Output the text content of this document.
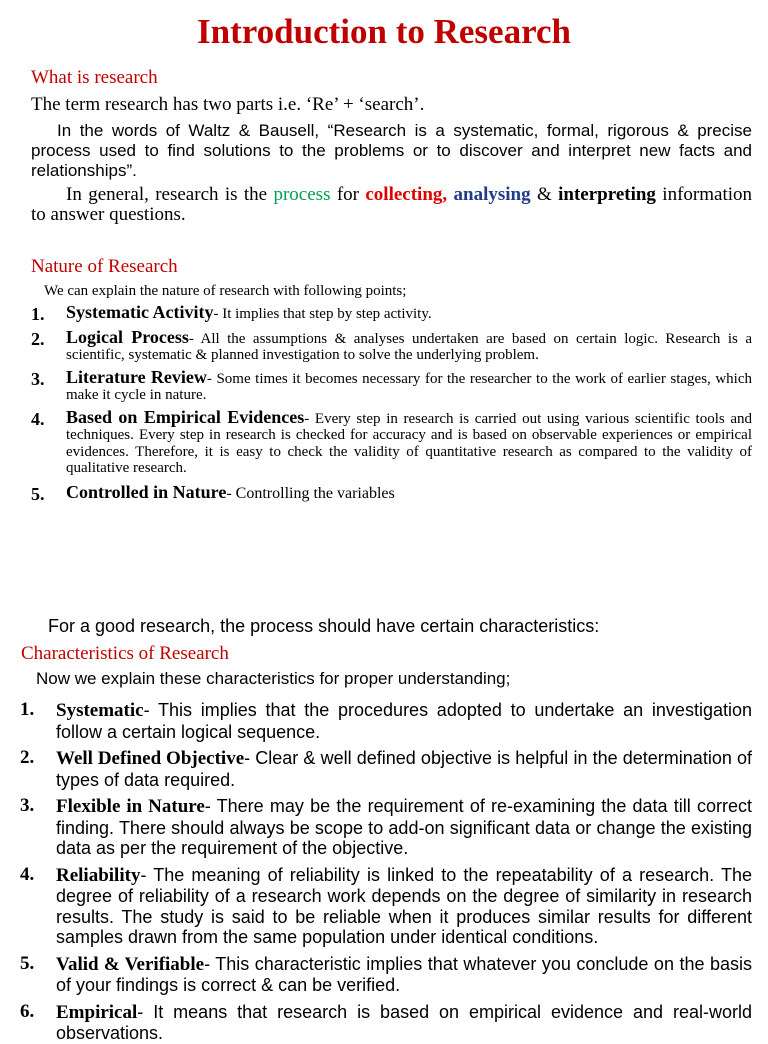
Introduction to Research
What is research
The term research has two parts i.e. ‘Re’ + ‘search’.
In the words of Waltz & Bausell, “Research is a systematic, formal, rigorous & precise process used to find solutions to the problems or to discover and interpret new facts and relationships”.
In general, research is the process for collecting, analysing & interpreting information to answer questions.
Nature of Research
We can explain the nature of research with following points;
1. Systematic Activity- It implies that step by step activity.
2. Logical Process- All the assumptions & analyses undertaken are based on certain logic. Research is a scientific, systematic & planned investigation to solve the underlying problem.
3. Literature Review- Some times it becomes necessary for the researcher to the work of earlier stages, which make it cycle in nature.
4. Based on Empirical Evidences- Every step in research is carried out using various scientific tools and techniques. Every step in research is checked for accuracy and is based on observable experiences or empirical evidences. Therefore, it is easy to check the validity of quantitative research as compared to the validity of qualitative research.
5. Controlled in Nature- Controlling the variables
For a good research, the process should have certain characteristics:
Characteristics of Research
Now we explain these characteristics for proper understanding;
1. Systematic- This implies that the procedures adopted to undertake an investigation follow a certain logical sequence.
2. Well Defined Objective- Clear & well defined objective is helpful in the determination of types of data required.
3. Flexible in Nature- There may be the requirement of re-examining the data till correct finding. There should always be scope to add-on significant data or change the existing data as per the requirement of the objective.
4. Reliability- The meaning of reliability is linked to the repeatability of a research. The degree of reliability of a research work depends on the degree of similarity in research results. The study is said to be reliable when it produces similar results for different samples drawn from the same population under identical conditions.
5. Valid & Verifiable- This characteristic implies that whatever you conclude on the basis of your findings is correct & can be verified.
6. Empirical- It means that research is based on empirical evidence and real-world observations.
